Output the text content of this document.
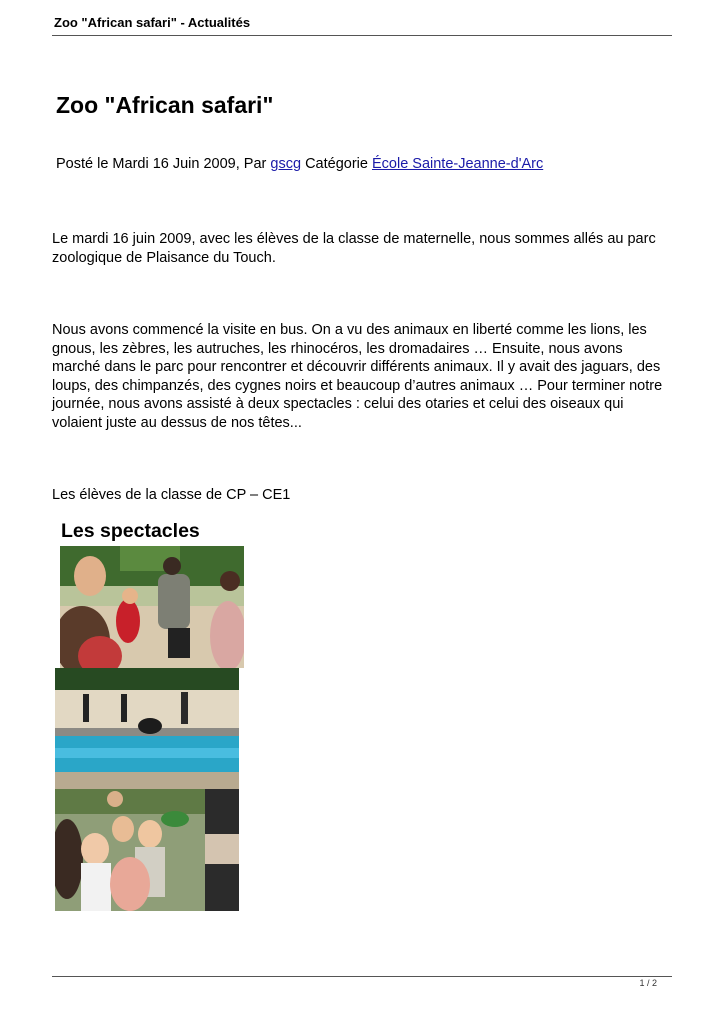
Zoo "African safari" - Actualités
Zoo "African safari"
Posté le Mardi 16 Juin 2009, Par gscg Catégorie École Sainte-Jeanne-d'Arc

Le mardi 16 juin 2009, avec les élèves de la classe de maternelle, nous sommes allés au parc zoologique de Plaisance du Touch.

Nous avons commencé la visite en bus. On a vu des animaux en liberté comme les lions, les gnous, les zèbres, les autruches, les rhinocéros, les dromadaires … Ensuite, nous avons marché dans le parc pour rencontrer et découvrir différents animaux. Il y avait des jaguars, des loups, des chimpanzés, des cygnes noirs et beaucoup d’autres animaux … Pour terminer notre journée, nous avons assisté à deux spectacles : celui des otaries et celui des oiseaux qui volaient juste au dessus de nos têtes...

Les élèves de la classe de CP – CE1

Les spectacles
1 / 2
